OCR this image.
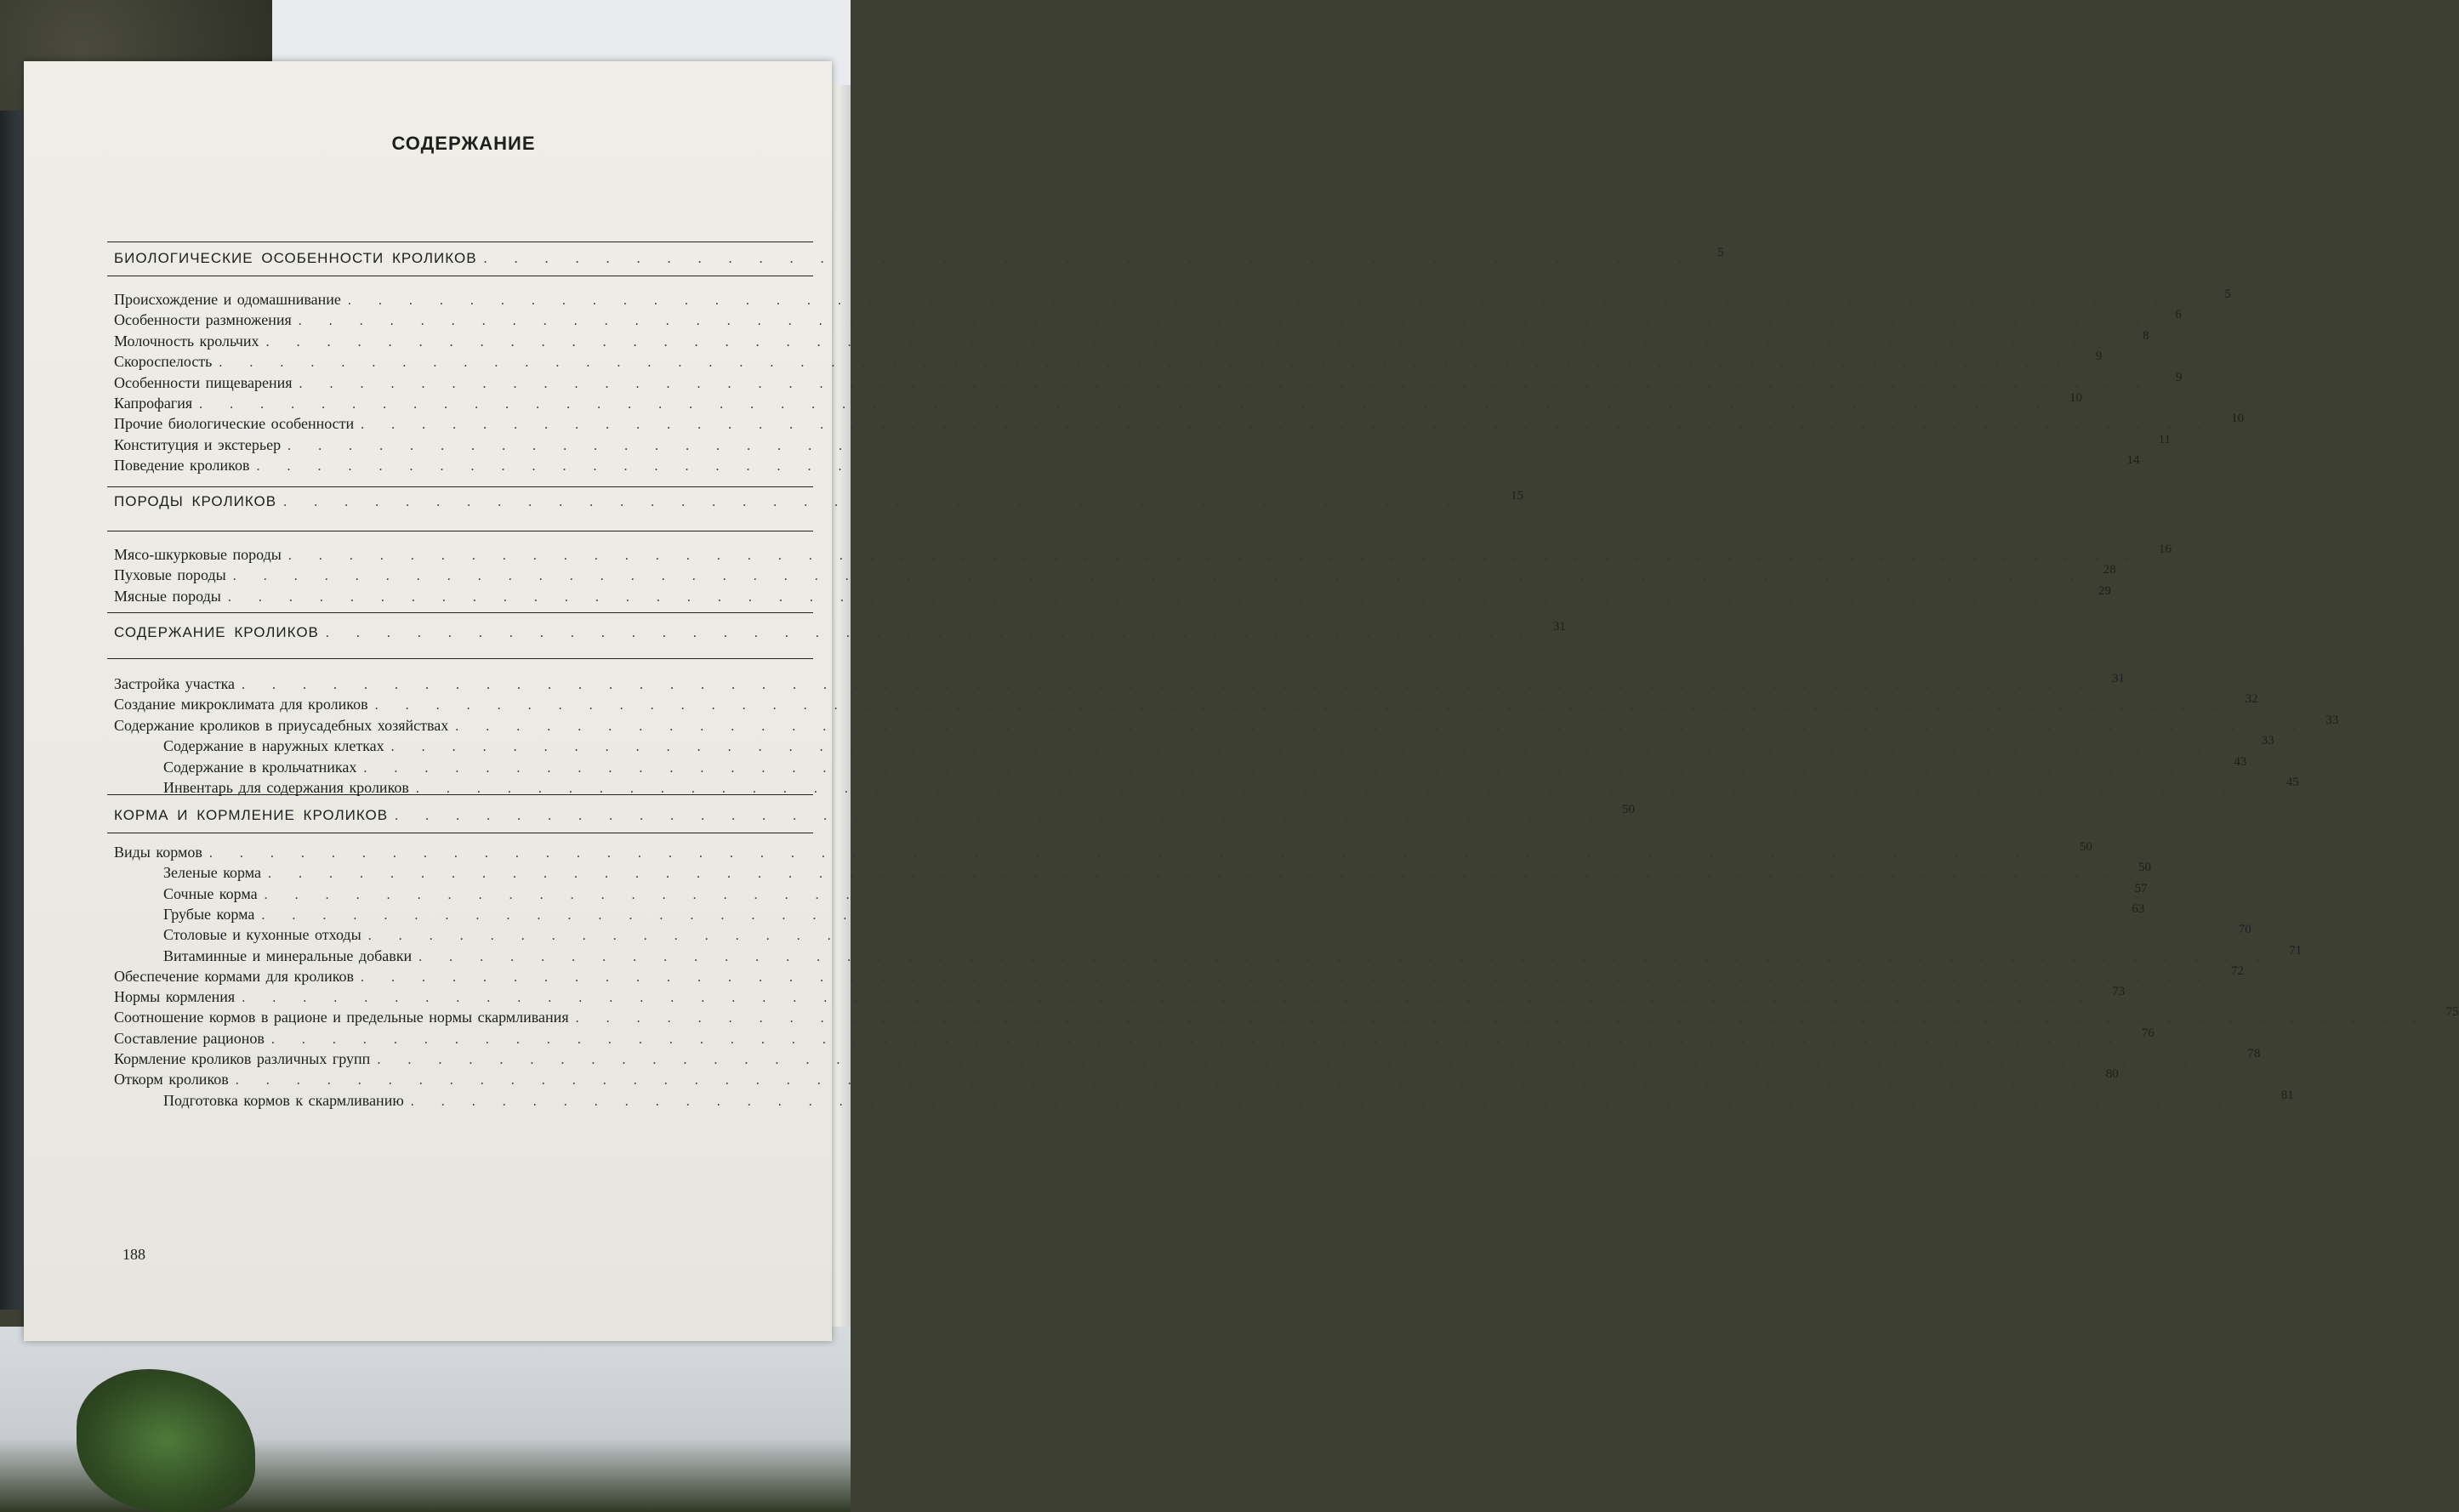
СОДЕРЖАНИЕ
188
БИОЛОГИЧЕСКИЕ ОСОБЕННОСТИ КРОЛИКОВ . . . . . . . . . . . . . . . . . . . . . . . . . . . . . . . . . . . . . . . .	5
Происхождение и одомашнивание . . . . . . . . . . . . . . . . . . . . . . . . . . . . . . . . . . . . . . . . . . . . . . . . . . . . . . . . . . . . .	5
Особенности размножения . . . . . . . . . . . . . . . . . . . . . . . . . . . . . . . . . . . . . . . . . . . . . . . . . . . . . . . . . . . . .	6
Молочность крольчих . . . . . . . . . . . . . . . . . . . . . . . . . . . . . . . . . . . . . . . . . . . . . . . . . . . . . . . . . . . . .	8
Скороспелость . . . . . . . . . . . . . . . . . . . . . . . . . . . . . . . . . . . . . . . . . . . . . . . . . . . . . . . . . . . . .	9
Особенности пищеварения . . . . . . . . . . . . . . . . . . . . . . . . . . . . . . . . . . . . . . . . . . . . . . . . . . . . . . . . . . . . .	9
Капрофагия . . . . . . . . . . . . . . . . . . . . . . . . . . . . . . . . . . . . . . . . . . . . . . . . . . . . . . . . . . . . .	10
Прочие биологические особенности . . . . . . . . . . . . . . . . . . . . . . . . . . . . . . . . . . . . . . . . . . . . . . . . . . . . . . . . . . . . .	10
Конституция и экстерьер . . . . . . . . . . . . . . . . . . . . . . . . . . . . . . . . . . . . . . . . . . . . . . . . . . . . . . . . . . . . .	11
Поведение кроликов . . . . . . . . . . . . . . . . . . . . . . . . . . . . . . . . . . . . . . . . . . . . . . . . . . . . . . . . . . . . .	14
ПОРОДЫ КРОЛИКОВ . . . . . . . . . . . . . . . . . . . . . . . . . . . . . . . . . . . . . . . .	15
Мясо-шкурковые породы . . . . . . . . . . . . . . . . . . . . . . . . . . . . . . . . . . . . . . . . . . . . . . . . . . . . . . . . . . . . .	16
Пуховые породы . . . . . . . . . . . . . . . . . . . . . . . . . . . . . . . . . . . . . . . . . . . . . . . . . . . . . . . . . . . . .	28
Мясные породы . . . . . . . . . . . . . . . . . . . . . . . . . . . . . . . . . . . . . . . . . . . . . . . . . . . . . . . . . . . . .	29
СОДЕРЖАНИЕ КРОЛИКОВ . . . . . . . . . . . . . . . . . . . . . . . . . . . . . . . . . . . . . . . .	31
Застройка участка . . . . . . . . . . . . . . . . . . . . . . . . . . . . . . . . . . . . . . . . . . . . . . . . . . . . . . . . . . . . .	31
Создание микроклимата для кроликов . . . . . . . . . . . . . . . . . . . . . . . . . . . . . . . . . . . . . . . . . . . . . . . . . . . . . . . . . . . . .	32
Содержание кроликов в приусадебных хозяйствах . . . . . . . . . . . . . . . . . . . . . . . . . . . . . . . . . . . . . . . . . . . . . . . . . . . . . . . . . . . . .	33
Содержание в наружных клетках . . . . . . . . . . . . . . . . . . . . . . . . . . . . . . . . . . . . . . . . . . . . . . . . . . . . . . . . . . . . .	33
Содержание в крольчатниках . . . . . . . . . . . . . . . . . . . . . . . . . . . . . . . . . . . . . . . . . . . . . . . . . . . . . . . . . . . . .	43
Инвентарь для содержания кроликов . . . . . . . . . . . . . . . . . . . . . . . . . . . . . . . . . . . . . . . . . . . . . . . . . . . . . . . . . . . . .	45
КОРМА И КОРМЛЕНИЕ КРОЛИКОВ . . . . . . . . . . . . . . . . . . . . . . . . . . . . . . . . . . . . . . . .	50
Виды кормов . . . . . . . . . . . . . . . . . . . . . . . . . . . . . . . . . . . . . . . . . . . . . . . . . . . . . . . . . . . . .	50
Зеленые корма . . . . . . . . . . . . . . . . . . . . . . . . . . . . . . . . . . . . . . . . . . . . . . . . . . . . . . . . . . . . .	50
Сочные корма . . . . . . . . . . . . . . . . . . . . . . . . . . . . . . . . . . . . . . . . . . . . . . . . . . . . . . . . . . . . .	57
Грубые корма . . . . . . . . . . . . . . . . . . . . . . . . . . . . . . . . . . . . . . . . . . . . . . . . . . . . . . . . . . . . .	63
Столовые и кухонные отходы . . . . . . . . . . . . . . . . . . . . . . . . . . . . . . . . . . . . . . . . . . . . . . . . . . . . . . . . . . . . .	70
Витаминные и минеральные добавки . . . . . . . . . . . . . . . . . . . . . . . . . . . . . . . . . . . . . . . . . . . . . . . . . . . . . . . . . . . . .	71
Обеспечение кормами для кроликов . . . . . . . . . . . . . . . . . . . . . . . . . . . . . . . . . . . . . . . . . . . . . . . . . . . . . . . . . . . . .	72
Нормы кормления . . . . . . . . . . . . . . . . . . . . . . . . . . . . . . . . . . . . . . . . . . . . . . . . . . . . . . . . . . . . .	73
Соотношение кормов в рационе и предельные нормы скармливания . . . . . . . . . . . . . . . . . . . . . . . . . . . . . . . . . . . . . . . . . . . . . . . . . . . . . . . . . . . . .	75
Составление рационов . . . . . . . . . . . . . . . . . . . . . . . . . . . . . . . . . . . . . . . . . . . . . . . . . . . . . . . . . . . . .	76
Кормление кроликов различных групп . . . . . . . . . . . . . . . . . . . . . . . . . . . . . . . . . . . . . . . . . . . . . . . . . . . . . . . . . . . . .	78
Откорм кроликов . . . . . . . . . . . . . . . . . . . . . . . . . . . . . . . . . . . . . . . . . . . . . . . . . . . . . . . . . . . . .	80
Подготовка кормов к скармливанию . . . . . . . . . . . . . . . . . . . . . . . . . . . . . . . . . . . . . . . . . . . . . . . . . . . . . . . . . . . . .	81
